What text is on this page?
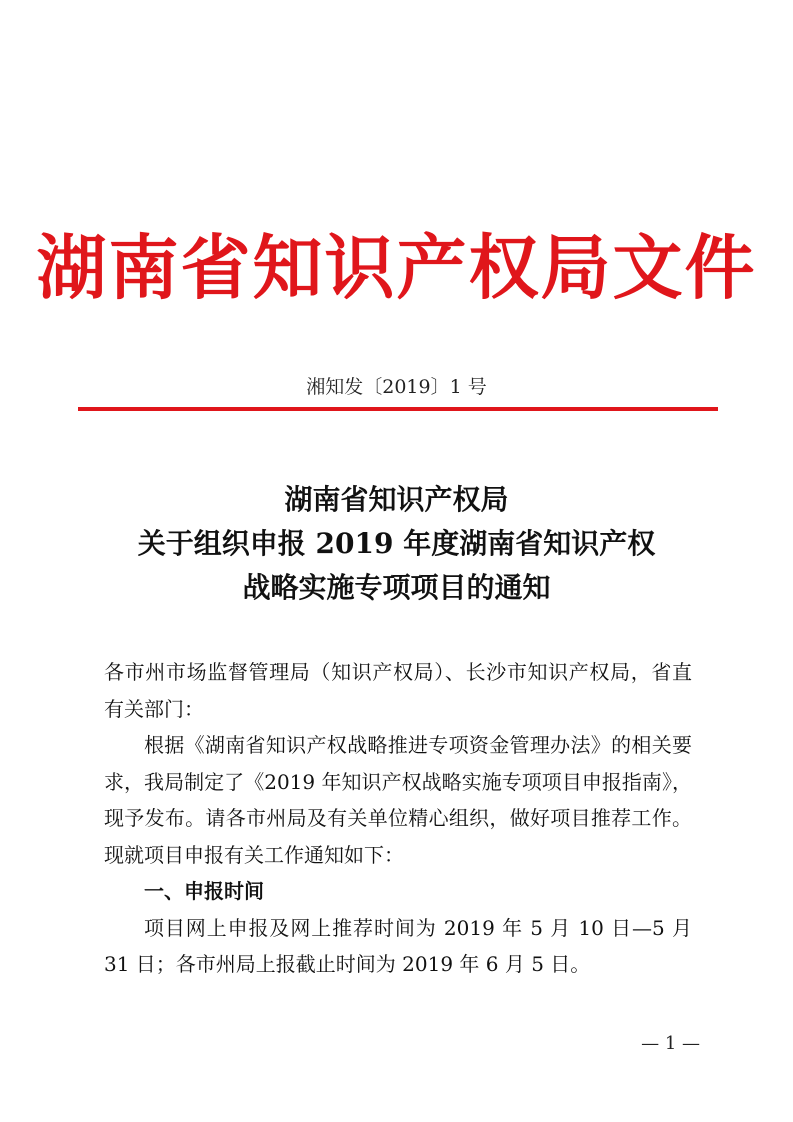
湖南省知识产权局文件
湘知发〔2019〕1 号
湖南省知识产权局
关于组织申报 2019 年度湖南省知识产权
战略实施专项项目的通知

各市州市场监督管理局（知识产权局）、长沙市知识产权局，省直有关部门：

根据《湖南省知识产权战略推进专项资金管理办法》的相关要求，我局制定了《2019 年知识产权战略实施专项项目申报指南》，现予发布。请各市州局及有关单位精心组织，做好项目推荐工作。现就项目申报有关工作通知如下：

一、申报时间

项目网上申报及网上推荐时间为 2019 年 5 月 10 日—5 月 31 日；各市州局上报截止时间为 2019 年 6 月 5 日。

— 1 —
